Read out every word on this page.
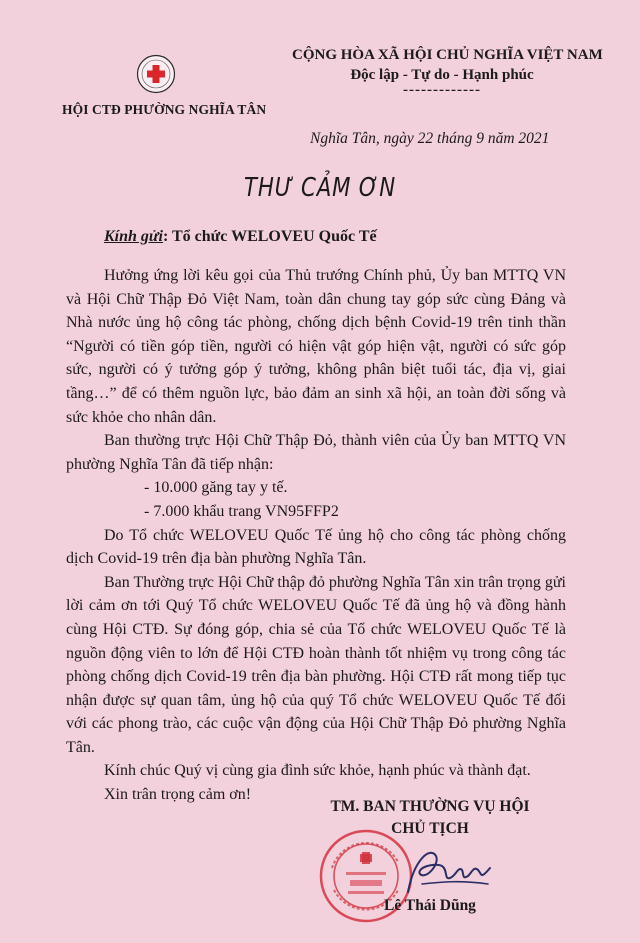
HỘI CTĐ PHƯỜNG NGHĨA TÂN
CỘNG HÒA XÃ HỘI CHỦ NGHĨA VIỆT NAM
Độc lập - Tự do - Hạnh phúc
-------------
Nghĩa Tân, ngày 22 tháng 9 năm 2021
THƯ CẢM ƠN
Kính gửi: Tổ chức WELOVEU Quốc Tế

Hưởng ứng lời kêu gọi của Thủ trướng Chính phủ, Ủy ban MTTQ VN và Hội Chữ Thập Đỏ Việt Nam, toàn dân chung tay góp sức cùng Đảng và Nhà nước ủng hộ công tác phòng, chống dịch bệnh Covid-19 trên tinh thần “Người có tiền góp tiền, người có hiện vật góp hiện vật, người có sức góp sức, người có ý tưởng góp ý tưởng, không phân biệt tuổi tác, địa vị, giai tầng…” để có thêm nguồn lực, bảo đảm an sinh xã hội, an toàn đời sống và sức khỏe cho nhân dân.

Ban thường trực Hội Chữ Thập Đỏ, thành viên của Ủy ban MTTQ VN phường Nghĩa Tân đã tiếp nhận:

- 10.000 găng tay y tế.

- 7.000 khẩu trang VN95FFP2

Do Tổ chức WELOVEU Quốc Tế ủng hộ cho công tác phòng chống dịch Covid-19 trên địa bàn phường Nghĩa Tân.

Ban Thường trực Hội Chữ thập đỏ phường Nghĩa Tân xin trân trọng gửi lời cảm ơn tới Quý Tổ chức WELOVEU Quốc Tế đã ủng hộ và đồng hành cùng Hội CTĐ. Sự đóng góp, chia sẻ của Tổ chức WELOVEU Quốc Tế là nguồn động viên to lớn để Hội CTĐ hoàn thành tốt nhiệm vụ trong công tác phòng chống dịch Covid-19 trên địa bàn phường. Hội CTĐ rất mong tiếp tục nhận được sự quan tâm, ủng hộ của quý Tổ chức WELOVEU Quốc Tế đối với các phong trào, các cuộc vận động của Hội Chữ Thập Đỏ phường Nghĩa Tân.

Kính chúc Quý vị cùng gia đình sức khỏe, hạnh phúc và thành đạt.

Xin trân trọng cảm ơn!

TM. BAN THƯỜNG VỤ HỘI
CHỦ TỊCH
Lê Thái Dũng
